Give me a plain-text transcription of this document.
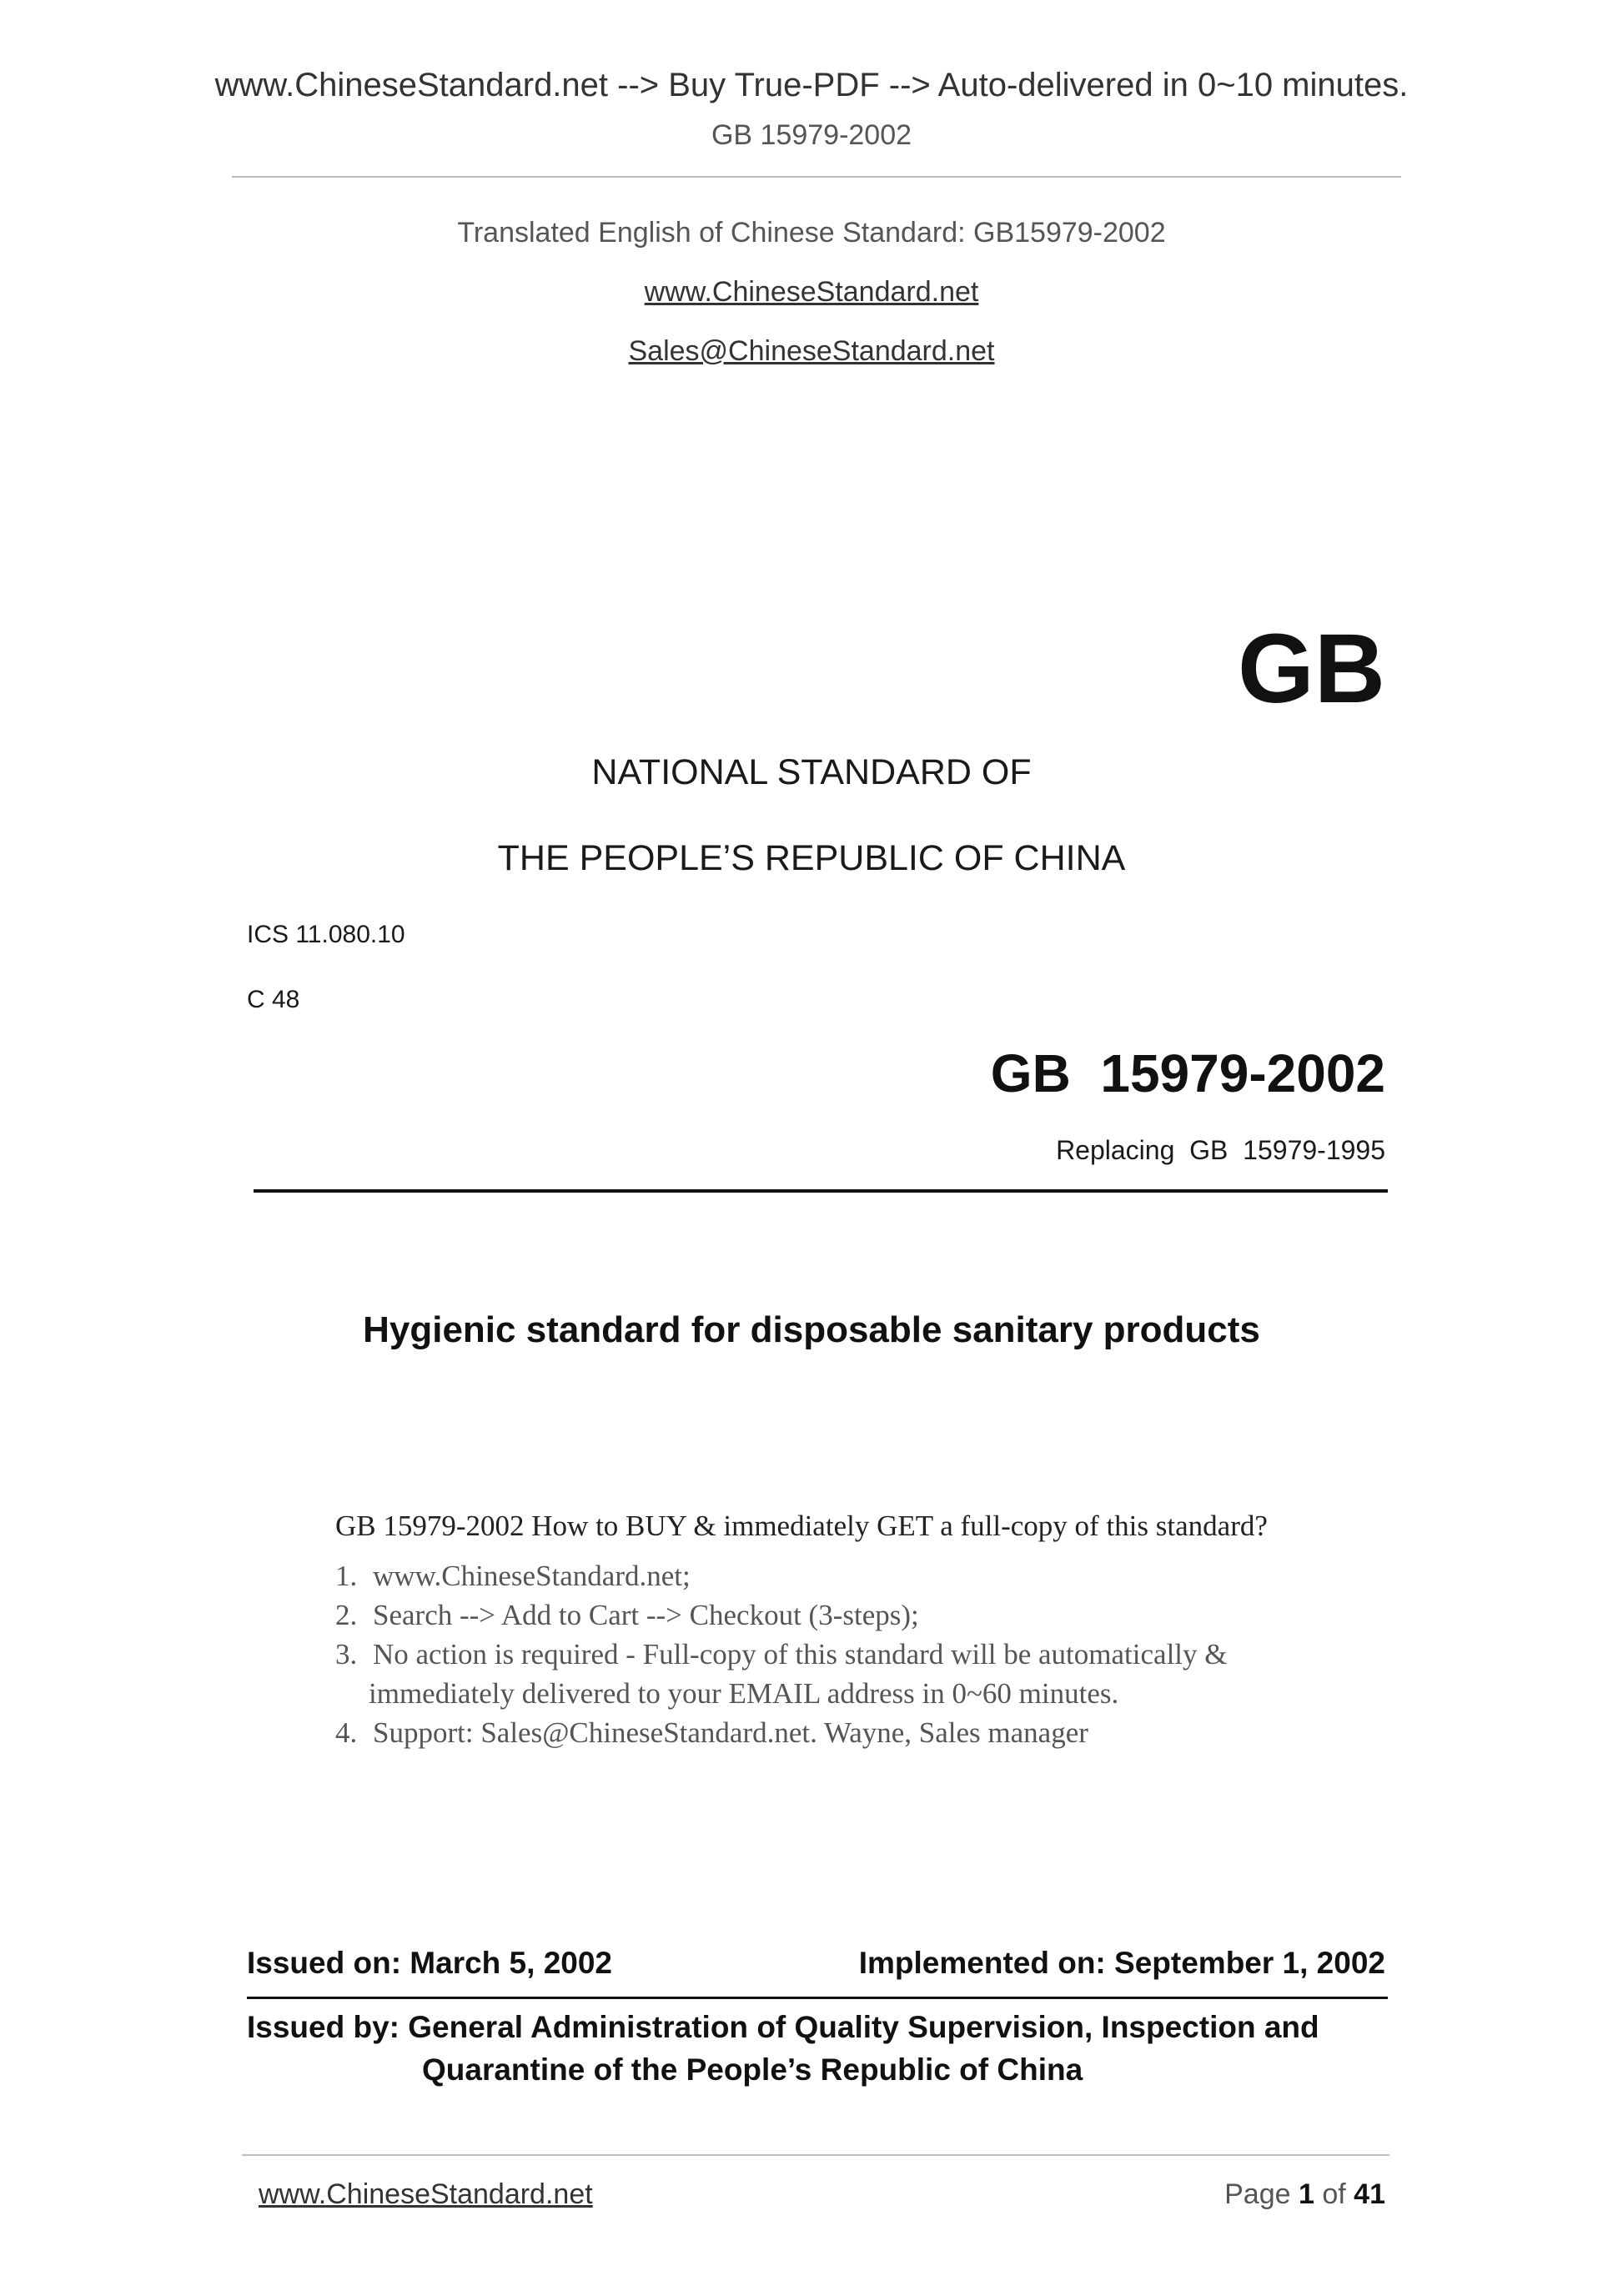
www.ChineseStandard.net --> Buy True-PDF --> Auto-delivered in 0~10 minutes.
GB 15979-2002
Translated English of Chinese Standard: GB15979-2002
www.ChineseStandard.net
Sales@ChineseStandard.net
GB
NATIONAL STANDARD OF
THE PEOPLE’S REPUBLIC OF CHINA
ICS 11.080.10
C 48
GB  15979-2002
Replacing  GB  15979-1995
Hygienic standard for disposable sanitary products
GB 15979-2002 How to BUY & immediately GET a full-copy of this standard?
1. www.ChineseStandard.net;
2. Search --> Add to Cart --> Checkout (3-steps);
3. No action is required - Full-copy of this standard will be automatically &
immediately delivered to your EMAIL address in 0~60 minutes.
4. Support: Sales@ChineseStandard.net. Wayne, Sales manager
Issued on: March 5, 2002	Implemented on: September 1, 2002
Issued by: General Administration of Quality Supervision, Inspection and
Quarantine of the People’s Republic of China
www.ChineseStandard.net	Page 1 of 41
